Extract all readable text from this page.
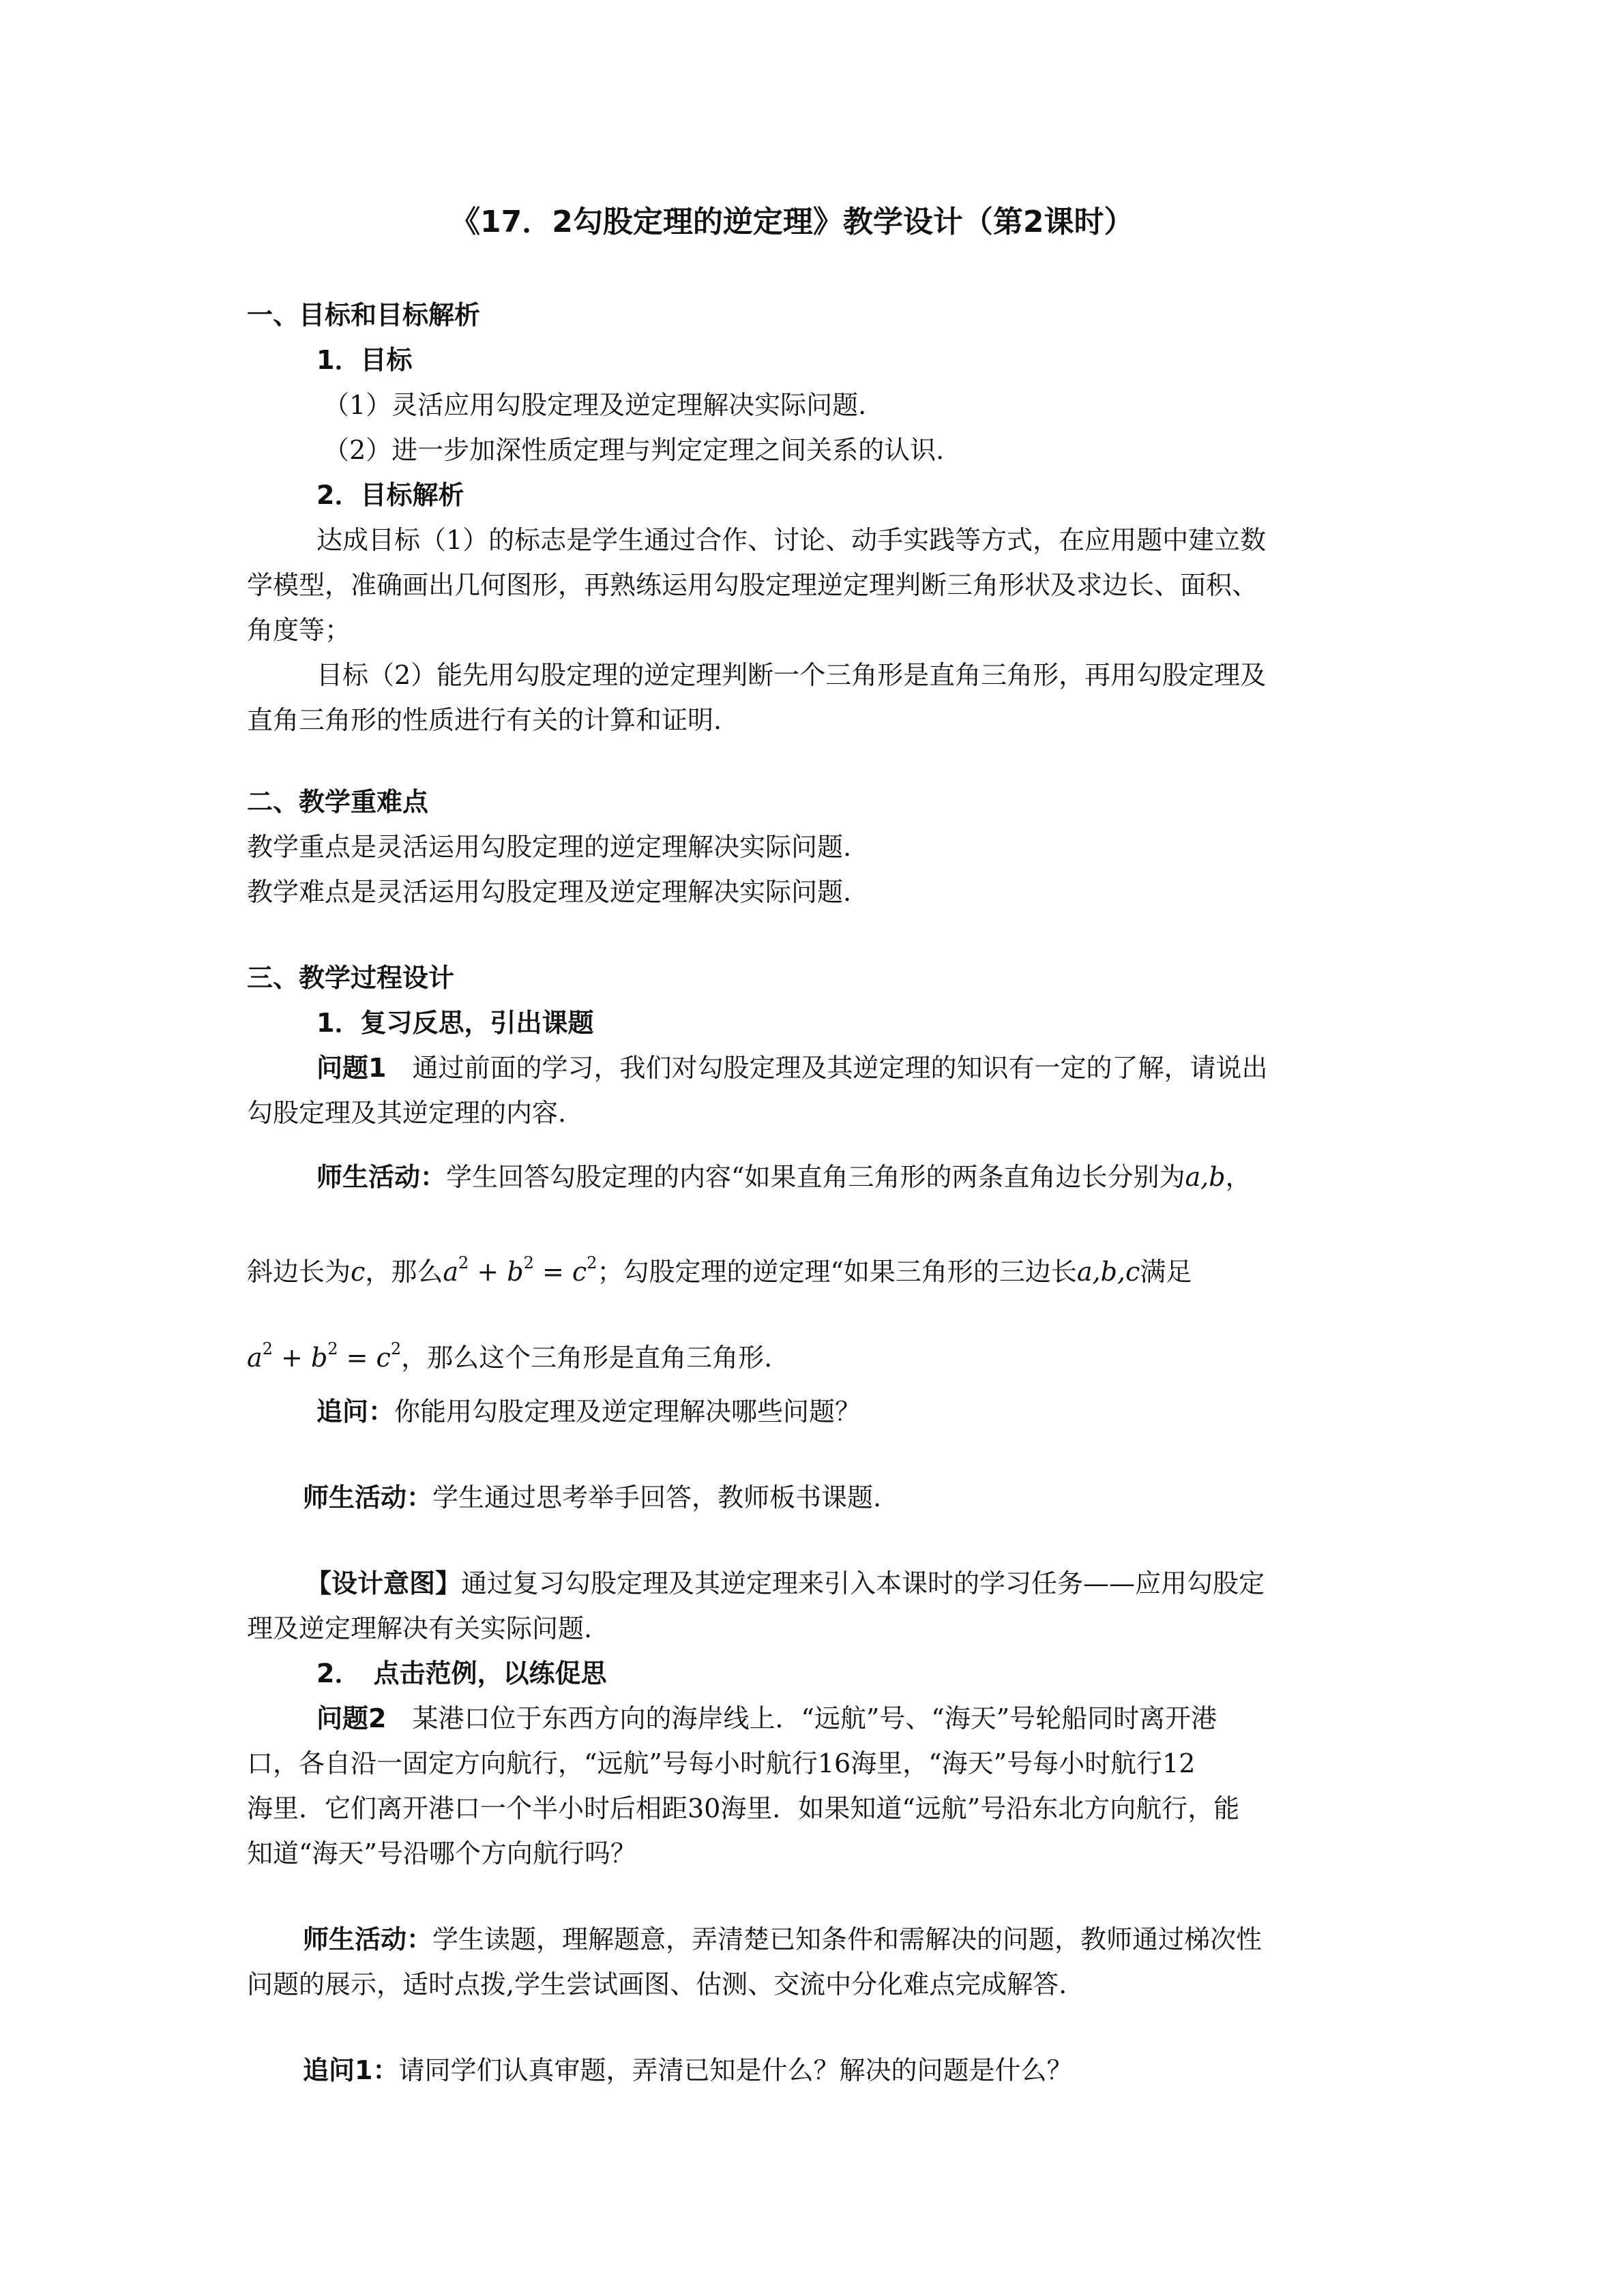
《17．2勾股定理的逆定理》教学设计（第2课时）
一、目标和目标解析
1．目标
（1）灵活应用勾股定理及逆定理解决实际问题.
（2）进一步加深性质定理与判定定理之间关系的认识.
2．目标解析
达成目标（1）的标志是学生通过合作、讨论、动手实践等方式，在应用题中建立数
学模型，准确画出几何图形，再熟练运用勾股定理逆定理判断三角形状及求边长、面积、
角度等；
目标（2）能先用勾股定理的逆定理判断一个三角形是直角三角形，再用勾股定理及
直角三角形的性质进行有关的计算和证明.
二、教学重难点
教学重点是灵活运用勾股定理的逆定理解决实际问题.
教学难点是灵活运用勾股定理及逆定理解决实际问题.
三、教学过程设计
1．复习反思，引出课题
问题1　通过前面的学习，我们对勾股定理及其逆定理的知识有一定的了解，请说出
勾股定理及其逆定理的内容.
师生活动：学生回答勾股定理的内容“如果直角三角形的两条直角边长分别为a,b，
斜边长为c，那么$a^2 + b^2 = c^2$；勾股定理的逆定理“如果三角形的三边长a,b,c满足
$a^2 + b^2 = c^2$，那么这个三角形是直角三角形.
追问：你能用勾股定理及逆定理解决哪些问题？
师生活动：学生通过思考举手回答，教师板书课题.
【设计意图】通过复习勾股定理及其逆定理来引入本课时的学习任务——应用勾股定
理及逆定理解决有关实际问题.
2．　点击范例，以练促思
问题2　某港口位于东西方向的海岸线上．“远航”号、“海天”号轮船同时离开港
口，各自沿一固定方向航行，“远航”号每小时航行16海里，“海天”号每小时航行12
海里．它们离开港口一个半小时后相距30海里．如果知道“远航”号沿东北方向航行，能
知道“海天”号沿哪个方向航行吗？
师生活动：学生读题，理解题意，弄清楚已知条件和需解决的问题，教师通过梯次性
问题的展示，适时点拨,学生尝试画图、估测、交流中分化难点完成解答.
追问1：请同学们认真审题，弄清已知是什么？解决的问题是什么？
